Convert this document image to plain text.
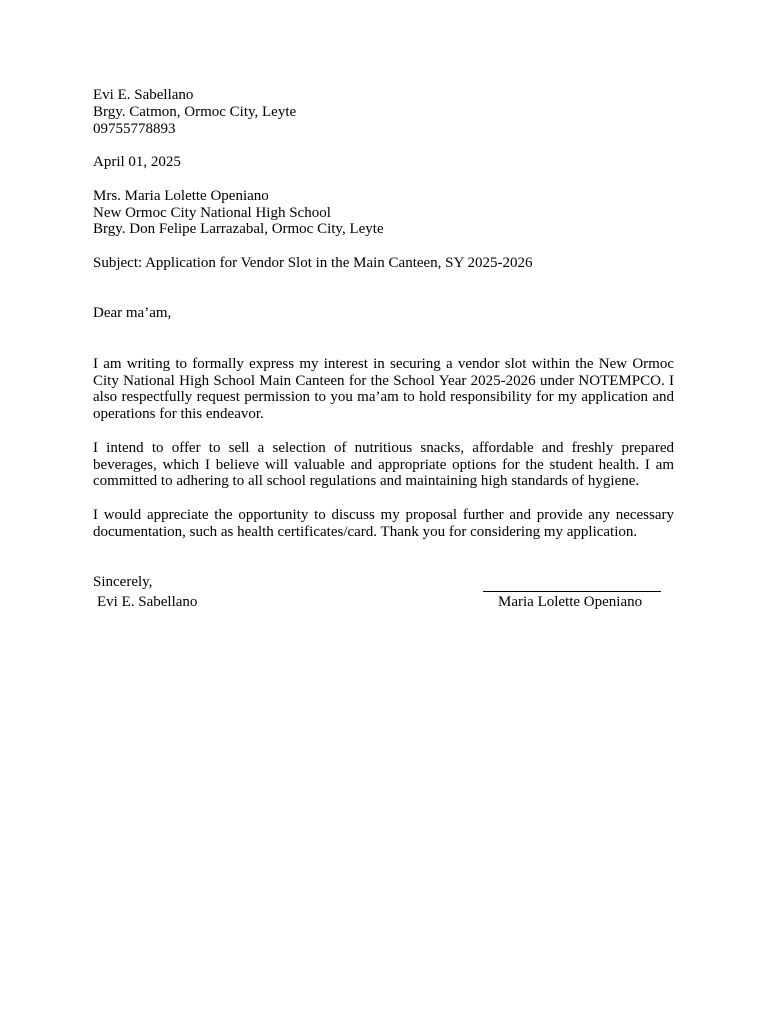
Evi E. Sabellano
Brgy. Catmon, Ormoc City, Leyte
09755778893
April 01, 2025
Mrs. Maria Lolette Openiano
New Ormoc City National High School
Brgy. Don Felipe Larrazabal, Ormoc City, Leyte
Subject: Application for Vendor Slot in the Main Canteen, SY 2025-2026
Dear ma’am,

I am writing to formally express my interest in securing a vendor slot within the New Ormoc City National High School Main Canteen for the School Year 2025-2026 under NOTEMPCO. I also respectfully request permission to you ma’am to hold responsibility for my application and operations for this endeavor.

I intend to offer to sell a selection of nutritious snacks, affordable and freshly prepared beverages, which I believe will valuable and appropriate options for the student health. I am committed to adhering to all school regulations and maintaining high standards of hygiene.

I would appreciate the opportunity to discuss my proposal further and provide any necessary documentation, such as health certificates/card. Thank you for considering my application.

Sincerely,
Evi E. Sabellano	Maria Lolette Openiano
